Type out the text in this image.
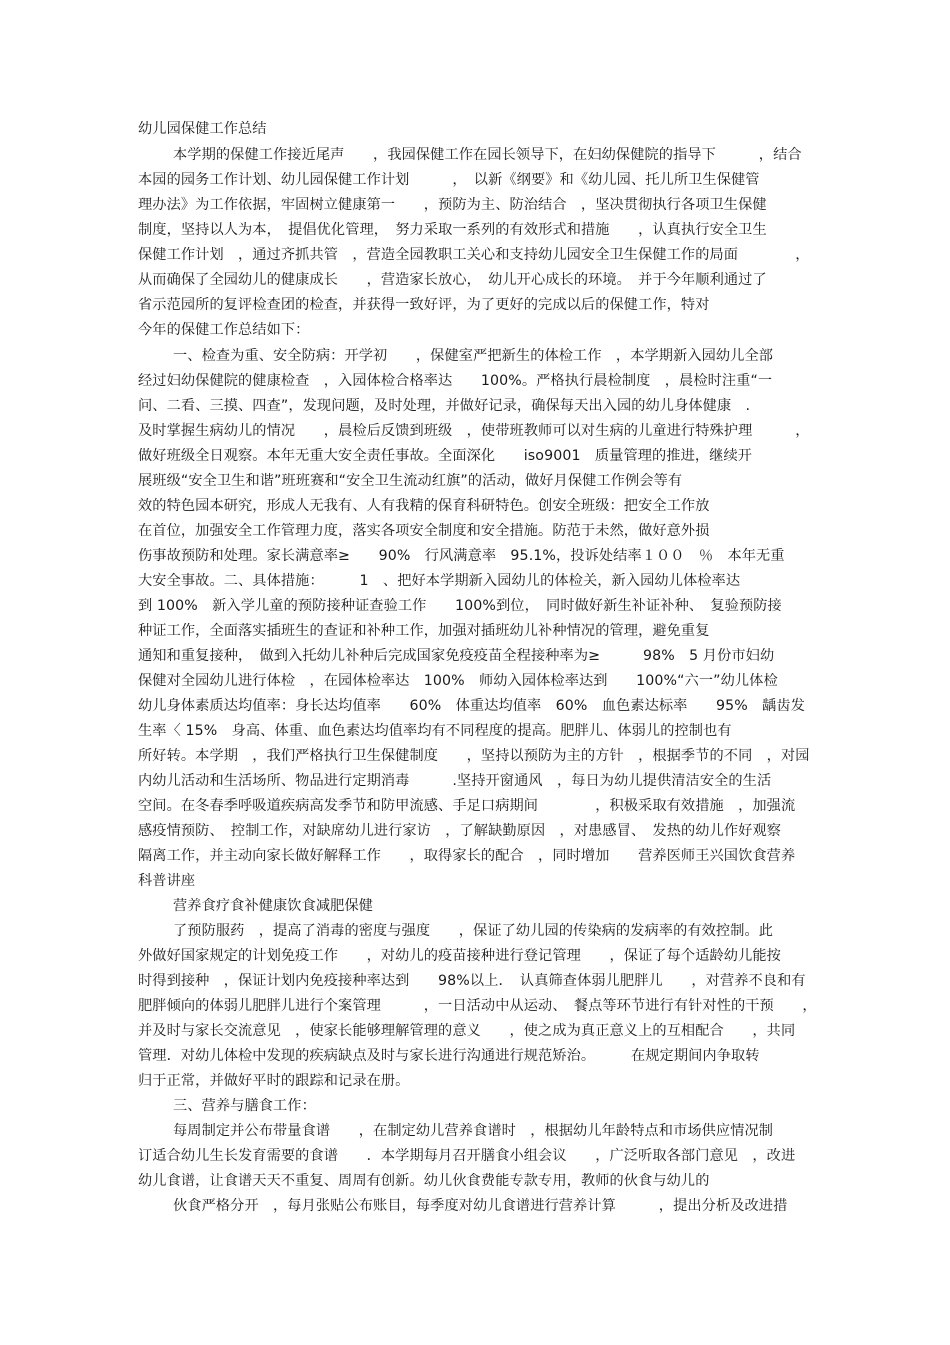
幼儿园保健工作总结
本学期的保健工作接近尾声　　，我园保健工作在园长领导下，在妇幼保健院的指导下　　　，结合
本园的园务工作计划、幼儿园保健工作计划　　　，　以新《纲要》和《幼儿园、托儿所卫生保健管
理办法》为工作依据，牢固树立健康第一　　，预防为主、防治结合　，坚决贯彻执行各项卫生保健
制度，坚持以人为本，　提倡优化管理，　努力采取一系列的有效形式和措施　　，认真执行安全卫生
保健工作计划　，通过齐抓共管　，营造全园教职工关心和支持幼儿园安全卫生保健工作的局面　　　　，
从而确保了全园幼儿的健康成长　　，营造家长放心，　幼儿开心成长的环境。　并于今年顺利通过了
省示范园所的复评检查团的检查，并获得一致好评，为了更好的完成以后的保健工作，特对
今年的保健工作总结如下：
一、检查为重、安全防病：开学初　　，保健室严把新生的体检工作　，本学期新入园幼儿全部
经过妇幼保健院的健康检查　，入园体检合格率达　　100%。严格执行晨检制度　，晨检时注重“一
问、二看、三摸、四查”，发现问题，及时处理，并做好记录，确保每天出入园的幼儿身体健康　.
及时掌握生病幼儿的情况　　，晨检后反馈到班级　，使带班教师可以对生病的儿童进行特殊护理　　　，
做好班级全日观察。本年无重大安全责任事故。全面深化　　iso9001　质量管理的推进，继续开
展班级“安全卫生和谐”班班赛和“安全卫生流动红旗”的活动，做好月保健工作例会等有
效的特色园本研究，形成人无我有、人有我精的保育科研特色。创安全班级：把安全工作放
在首位，加强安全工作管理力度，落实各项安全制度和安全措施。防范于未然，做好意外损
伤事故预防和处理。家长满意率≥　　90%　行风满意率　95.1%，投诉处结率１００　％　本年无重
大安全事故。二、具体措施：　　　1　、把好本学期新入园幼儿的体检关，新入园幼儿体检率达
到 100%　新入学儿童的预防接种证查验工作　　100%到位，　同时做好新生补证补种、　复验预防接
种证工作，全面落实插班生的查证和补种工作，加强对插班幼儿补种情况的管理，避免重复
通知和重复接种，　做到入托幼儿补种后完成国家免疫疫苗全程接种率为≥　　　98%　5 月份市妇幼
保健对全园幼儿进行体检　，在园体检率达　100%　师幼入园体检率达到　　100%“六一”幼儿体检
幼儿身体素质达均值率：身长达均值率　　60%　体重达均值率　60%　血色素达标率　　95%　龋齿发
生率〈 15%　身高、体重、血色素达均值率均有不同程度的提高。肥胖儿、体弱儿的控制也有
所好转。本学期　，我们严格执行卫生保健制度　　，坚持以预防为主的方针　，根据季节的不同　，对园
内幼儿活动和生活场所、物品进行定期消毒　　　.坚持开窗通风　，每日为幼儿提供清洁安全的生活
空间。在冬春季呼吸道疾病高发季节和防甲流感、手足口病期间　　　　，积极采取有效措施　，加强流
感疫情预防、　控制工作，对缺席幼儿进行家访　，了解缺勤原因　，对患感冒、　发热的幼儿作好观察
隔离工作，并主动向家长做好解释工作　　，取得家长的配合　，同时增加　　营养医师王兴国饮食营养
科普讲座
营养食疗食补健康饮食减肥保健
了预防服药　，提高了消毒的密度与强度　　，保证了幼儿园的传染病的发病率的有效控制。此
外做好国家规定的计划免疫工作　　，对幼儿的疫苗接种进行登记管理　　，保证了每个适龄幼儿能按
时得到接种　，保证计划内免疫接种率达到　　98%以上．　认真筛查体弱儿肥胖儿　　，对营养不良和有
肥胖倾向的体弱儿肥胖儿进行个案管理　　　，一日活动中从运动、　餐点等环节进行有针对性的干预　　，
并及时与家长交流意见　，使家长能够理解管理的意义　　，使之成为真正意义上的互相配合　　，共同
管理．对幼儿体检中发现的疾病缺点及时与家长进行沟通进行规范矫治。　　　在规定期间内争取转
归于正常，并做好平时的跟踪和记录在册。
三、营养与膳食工作：
每周制定并公布带量食谱　　，在制定幼儿营养食谱时　，根据幼儿年龄特点和市场供应情况制
订适合幼儿生长发育需要的食谱　　．本学期每月召开膳食小组会议　　，广泛听取各部门意见　，改进
幼儿食谱，让食谱天天不重复、周周有创新。幼儿伙食费能专款专用，教师的伙食与幼儿的
伙食严格分开　，每月张贴公布账目，每季度对幼儿食谱进行营养计算　　　，提出分析及改进措
